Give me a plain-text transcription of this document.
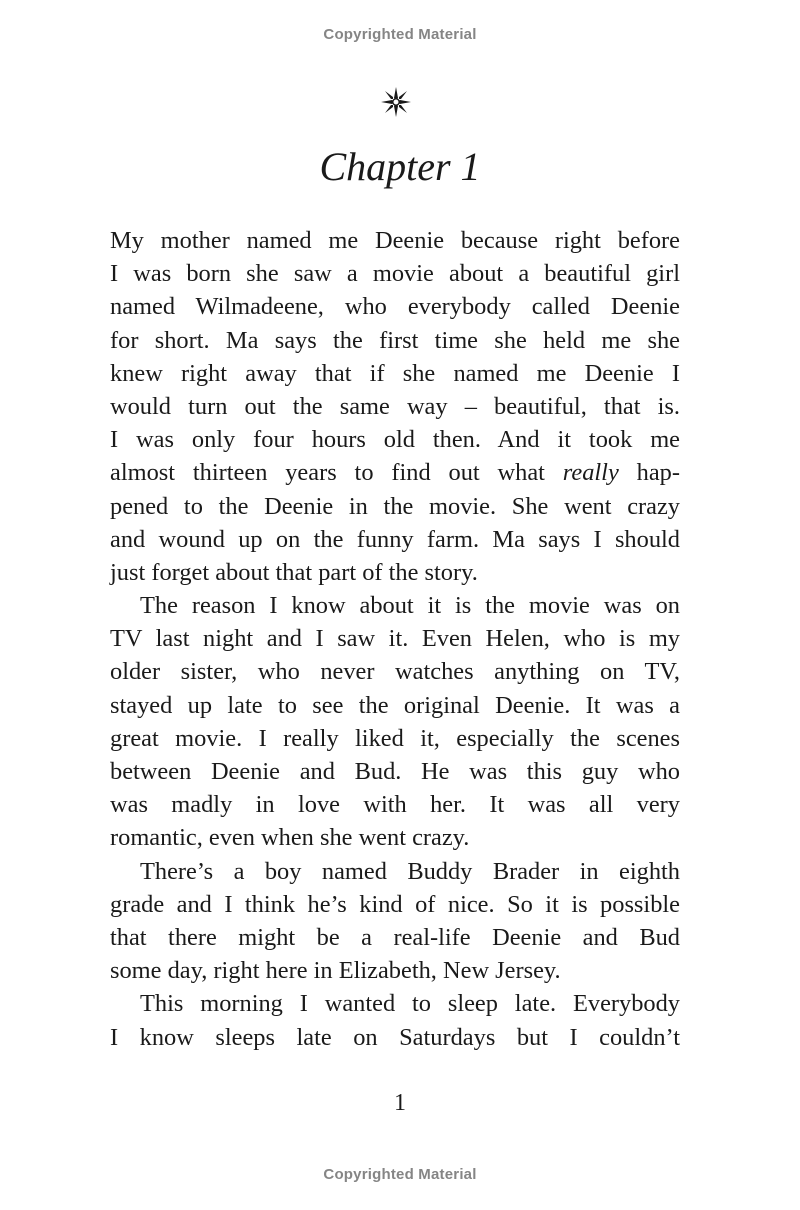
Copyrighted Material
Chapter 1
My mother named me Deenie because right before
I was born she saw a movie about a beautiful girl
named Wilmadeene, who everybody called Deenie
for short. Ma says the first time she held me she
knew right away that if she named me Deenie I
would turn out the same way – beautiful, that is.
I was only four hours old then. And it took me
almost thirteen years to find out what really hap-
pened to the Deenie in the movie. She went crazy
and wound up on the funny farm. Ma says I should
just forget about that part of the story.
The reason I know about it is the movie was on
TV last night and I saw it. Even Helen, who is my
older sister, who never watches anything on TV,
stayed up late to see the original Deenie. It was a
great movie. I really liked it, especially the scenes
between Deenie and Bud. He was this guy who
was madly in love with her. It was all very
romantic, even when she went crazy.
There’s a boy named Buddy Brader in eighth
grade and I think he’s kind of nice. So it is possible
that there might be a real-life Deenie and Bud
some day, right here in Elizabeth, New Jersey.
This morning I wanted to sleep late. Everybody
I know sleeps late on Saturdays but I couldn’t
1
Copyrighted Material
